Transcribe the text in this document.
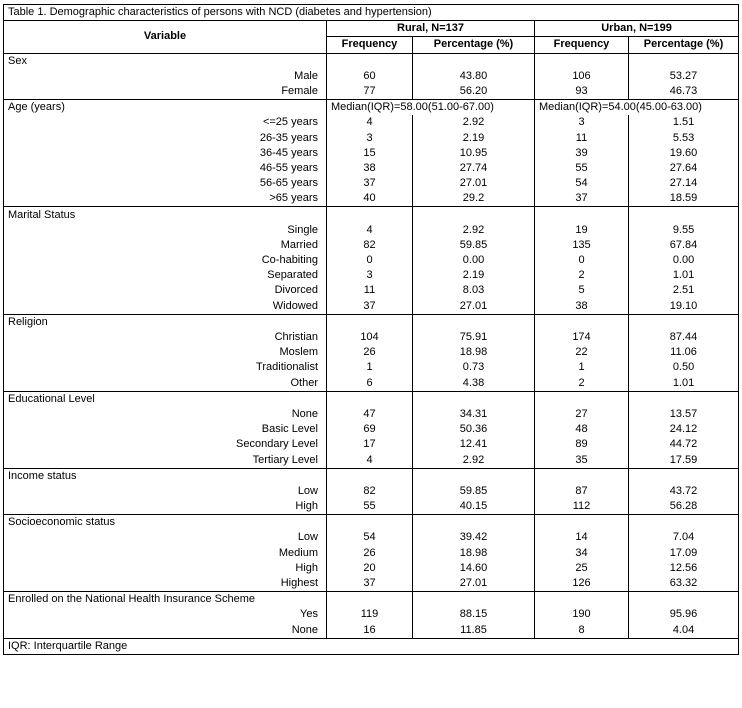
Table 1. Demographic characteristics of persons with NCD (diabetes and hypertension)				
Variable	Rural, N=137		Urban, N=199	
	Frequency	Percentage (%)	Frequency	Percentage (%)
Sex				
Male	60	43.80	106	53.27
Female	77	56.20	93	46.73
Age (years)	Median(IQR)=58.00(51.00-67.00)		Median(IQR)=54.00(45.00-63.00)	
<=25 years	4	2.92	3	1.51
26-35 years	3	2.19	11	5.53
36-45 years	15	10.95	39	19.60
46-55 years	38	27.74	55	27.64
56-65 years	37	27.01	54	27.14
>65 years	40	29.2	37	18.59
Marital Status				
Single	4	2.92	19	9.55
Married	82	59.85	135	67.84
Co-habiting	0	0.00	0	0.00
Separated	3	2.19	2	1.01
Divorced	11	8.03	5	2.51
Widowed	37	27.01	38	19.10
Religion				
Christian	104	75.91	174	87.44
Moslem	26	18.98	22	11.06
Traditionalist	1	0.73	1	0.50
Other	6	4.38	2	1.01
Educational Level				
None	47	34.31	27	13.57
Basic Level	69	50.36	48	24.12
Secondary Level	17	12.41	89	44.72
Tertiary Level	4	2.92	35	17.59
Income status				
Low	82	59.85	87	43.72
High	55	40.15	112	56.28
Socioeconomic status				
Low	54	39.42	14	7.04
Medium	26	18.98	34	17.09
High	20	14.60	25	12.56
Highest	37	27.01	126	63.32
Enrolled on the National Health Insurance Scheme				
Yes	119	88.15	190	95.96
None	16	11.85	8	4.04
IQR: Interquartile Range				
